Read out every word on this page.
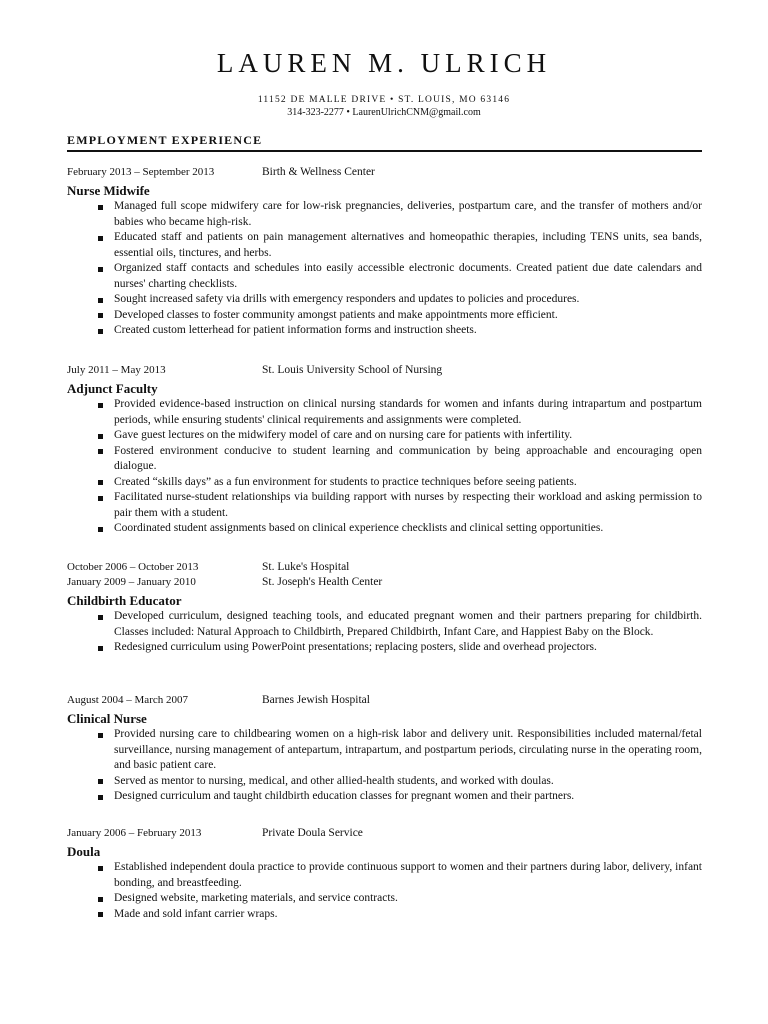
LAUREN M. ULRICH
11152 DE MALLE DRIVE • ST. LOUIS, MO 63146
314-323-2277 • LaurenUlrichCNM@gmail.com
EMPLOYMENT EXPERIENCE
February 2013 – September 2013	Birth & Wellness Center
Nurse Midwife
Managed full scope midwifery care for low-risk pregnancies, deliveries, postpartum care, and the transfer of mothers and/or babies who became high-risk.
Educated staff and patients on pain management alternatives and homeopathic therapies, including TENS units, sea bands, essential oils, tinctures, and herbs.
Organized staff contacts and schedules into easily accessible electronic documents. Created patient due date calendars and nurses' charting checklists.
Sought increased safety via drills with emergency responders and updates to policies and procedures.
Developed classes to foster community amongst patients and make appointments more efficient.
Created custom letterhead for patient information forms and instruction sheets.
July 2011 – May 2013	St. Louis University School of Nursing
Adjunct Faculty
Provided evidence-based instruction on clinical nursing standards for women and infants during intrapartum and postpartum periods, while ensuring students' clinical requirements and assignments were completed.
Gave guest lectures on the midwifery model of care and on nursing care for patients with infertility.
Fostered environment conducive to student learning and communication by being approachable and encouraging open dialogue.
Created “skills days” as a fun environment for students to practice techniques before seeing patients.
Facilitated nurse-student relationships via building rapport with nurses by respecting their workload and asking permission to pair them with a student.
Coordinated student assignments based on clinical experience checklists and clinical setting opportunities.
October 2006 – October 2013	St. Luke's Hospital
January 2009 – January 2010	St. Joseph's Health Center
Childbirth Educator
Developed curriculum, designed teaching tools, and educated pregnant women and their partners preparing for childbirth. Classes included: Natural Approach to Childbirth, Prepared Childbirth, Infant Care, and Happiest Baby on the Block.
Redesigned curriculum using PowerPoint presentations; replacing posters, slide and overhead projectors.
August 2004 – March 2007	Barnes Jewish Hospital
Clinical Nurse
Provided nursing care to childbearing women on a high-risk labor and delivery unit. Responsibilities included maternal/fetal surveillance, nursing management of antepartum, intrapartum, and postpartum periods, circulating nurse in the operating room, and basic patient care.
Served as mentor to nursing, medical, and other allied-health students, and worked with doulas.
Designed curriculum and taught childbirth education classes for pregnant women and their partners.
January 2006 – February 2013	Private Doula Service
Doula
Established independent doula practice to provide continuous support to women and their partners during labor, delivery, infant bonding, and breastfeeding.
Designed website, marketing materials, and service contracts.
Made and sold infant carrier wraps.
